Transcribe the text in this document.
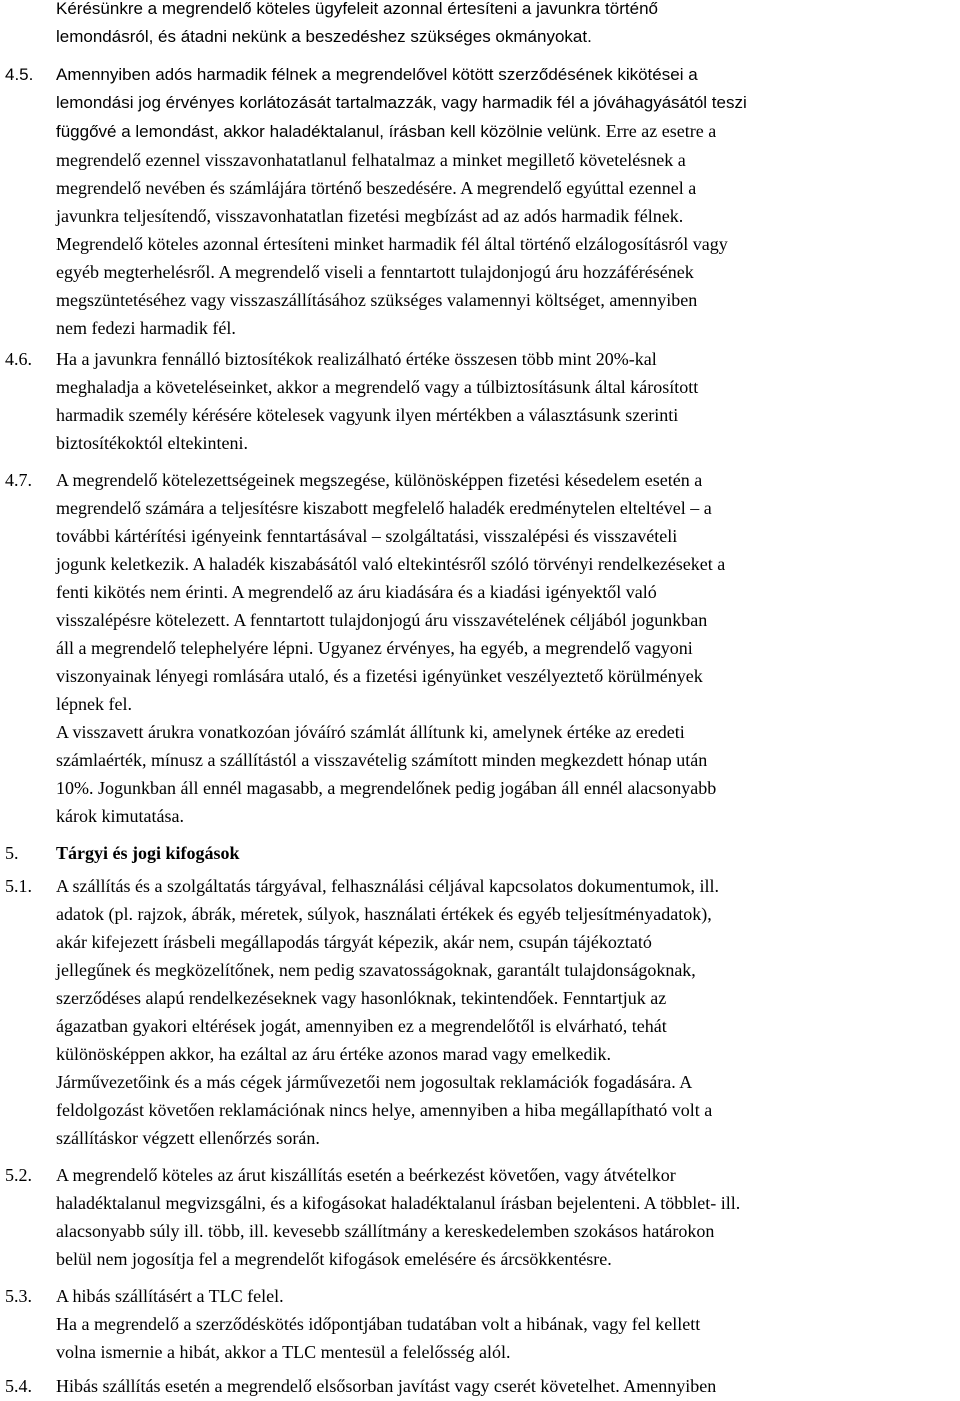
Kérésünkre a megrendelő köteles ügyfeleit azonnal értesíteni a javunkra történő
lemondásról, és átadni nekünk a beszedéshez szükséges okmányokat.
4.5. Amennyiben adós harmadik félnek a megrendelővel kötött szerződésének kikötései a
lemondási jog érvényes korlátozását tartalmazzák, vagy harmadik fél a jóváhagyásától teszi
függővé a lemondást, akkor haladéktalanul, írásban kell közölnie velünk. Erre az esetre a
megrendelő ezennel visszavonhatatlanul felhatalmaz a minket megillető követelésnek a
megrendelő nevében és számlájára történő beszedésére. A megrendelő egyúttal ezennel a
javunkra teljesítendő, visszavonhatatlan fizetési megbízást ad az adós harmadik félnek.
Megrendelő köteles azonnal értesíteni minket harmadik fél által történő elzálogosításról vagy
egyéb megterhelésről. A megrendelő viseli a fenntartott tulajdonjogú áru hozzáférésének
megszüntetéséhez vagy visszaszállításához szükséges valamennyi költséget, amennyiben
nem fedezi harmadik fél.
4.6. Ha a javunkra fennálló biztosítékok realizálható értéke összesen több mint 20%-kal
meghaladja a követeléseinket, akkor a megrendelő vagy a túlbiztosításunk által károsított
harmadik személy kérésére kötelesek vagyunk ilyen mértékben a választásunk szerinti
biztosítékoktól eltekinteni.
4.7. A megrendelő kötelezettségeinek megszegése, különösképpen fizetési késedelem esetén a
megrendelő számára a teljesítésre kiszabott megfelelő haladék eredménytelen elteltével – a
további kártérítési igényeink fenntartásával – szolgáltatási, visszalépési és visszavételi
jogunk keletkezik. A haladék kiszabásától való eltekintésről szóló törvényi rendelkezéseket a
fenti kikötés nem érinti. A megrendelő az áru kiadására és a kiadási igényektől való
visszalépésre kötelezett. A fenntartott tulajdonjogú áru visszavételének céljából jogunkban
áll a megrendelő telephelyére lépni. Ugyanez érvényes, ha egyéb, a megrendelő vagyoni
viszonyainak lényegi romlására utaló, és a fizetési igényünket veszélyeztető körülmények
lépnek fel.
A visszavett árukra vonatkozóan jóváíró számlát állítunk ki, amelynek értéke az eredeti
számlaérték, mínusz a szállítástól a visszavételig számított minden megkezdett hónap után
10%. Jogunkban áll ennél magasabb, a megrendelőnek pedig jogában áll ennél alacsonyabb
károk kimutatása.
5. Tárgyi és jogi kifogások
5.1. A szállítás és a szolgáltatás tárgyával, felhasználási céljával kapcsolatos dokumentumok, ill.
adatok (pl. rajzok, ábrák, méretek, súlyok, használati értékek és egyéb teljesítményadatok),
akár kifejezett írásbeli megállapodás tárgyát képezik, akár nem, csupán tájékoztató
jellegűnek és megközelítőnek, nem pedig szavatosságoknak, garantált tulajdonságoknak,
szerződéses alapú rendelkezéseknek vagy hasonlóknak, tekintendőek. Fenntartjuk az
ágazatban gyakori eltérések jogát, amennyiben ez a megrendelőtől is elvárható, tehát
különösképpen akkor, ha ezáltal az áru értéke azonos marad vagy emelkedik.
Járművezetőink és a más cégek járművezetői nem jogosultak reklamációk fogadására. A
feldolgozást követően reklamációnak nincs helye, amennyiben a hiba megállapítható volt a
szállításkor végzett ellenőrzés során.
5.2. A megrendelő köteles az árut kiszállítás esetén a beérkezést követően, vagy átvételkor
haladéktalanul megvizsgálni, és a kifogásokat haladéktalanul írásban bejelenteni. A többlet- ill.
alacsonyabb súly ill. több, ill. kevesebb szállítmány a kereskedelemben szokásos határokon
belül nem jogosítja fel a megrendelőt kifogások emelésére és árcsökkentésre.
5.3. A hibás szállításért a TLC felel.
Ha a megrendelő a szerződéskötés időpontjában tudatában volt a hibának, vagy fel kellett
volna ismernie a hibát, akkor a TLC mentesül a felelősség alól.
5.4. Hibás szállítás esetén a megrendelő elsősorban javítást vagy cserét követelhet. Amennyiben
